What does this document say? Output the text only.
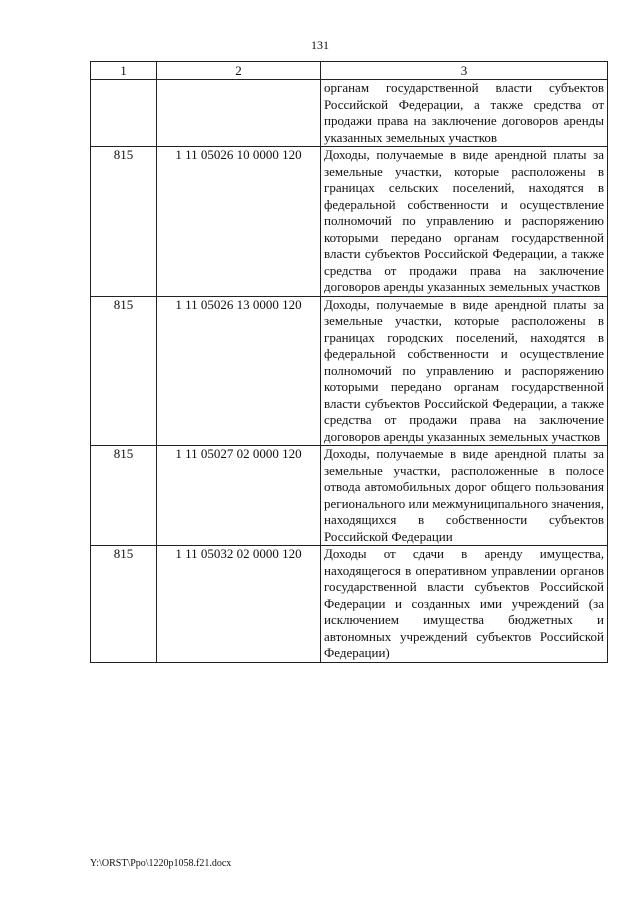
131
1	2	3
		органам государственной власти субъектов Российской Федерации, а также средства от продажи права на заключение договоров аренды указанных земельных участков
815	1 11 05026 10 0000 120	Доходы, получаемые в виде арендной платы за земельные участки, которые расположены в границах сельских поселений, находятся в федеральной собственности и осуществление полномочий по управлению и распоряжению которыми передано органам государственной власти субъектов Российской Федерации, а также средства от продажи права на заключение договоров аренды указанных земельных участков
815	1 11 05026 13 0000 120	Доходы, получаемые в виде арендной платы за земельные участки, которые расположены в границах городских поселений, находятся в федеральной собственности и осуществление полномочий по управлению и распоряжению которыми передано органам государственной власти субъектов Российской Федерации, а также средства от продажи права на заключение договоров аренды указанных земельных участков
815	1 11 05027 02 0000 120	Доходы, получаемые в виде арендной платы за земельные участки, расположенные в полосе отвода автомобильных дорог общего пользования регионального или межмуниципального значения, находящихся в собственности субъектов Российской Федерации
815	1 11 05032 02 0000 120	Доходы от сдачи в аренду имущества, находящегося в оперативном управлении органов государственной власти субъектов Российской Федерации и созданных ими учреждений (за исключением имущества бюджетных и автономных учреждений субъектов Российской Федерации)
Y:\ORST\Ppo\1220p1058.f21.docx
